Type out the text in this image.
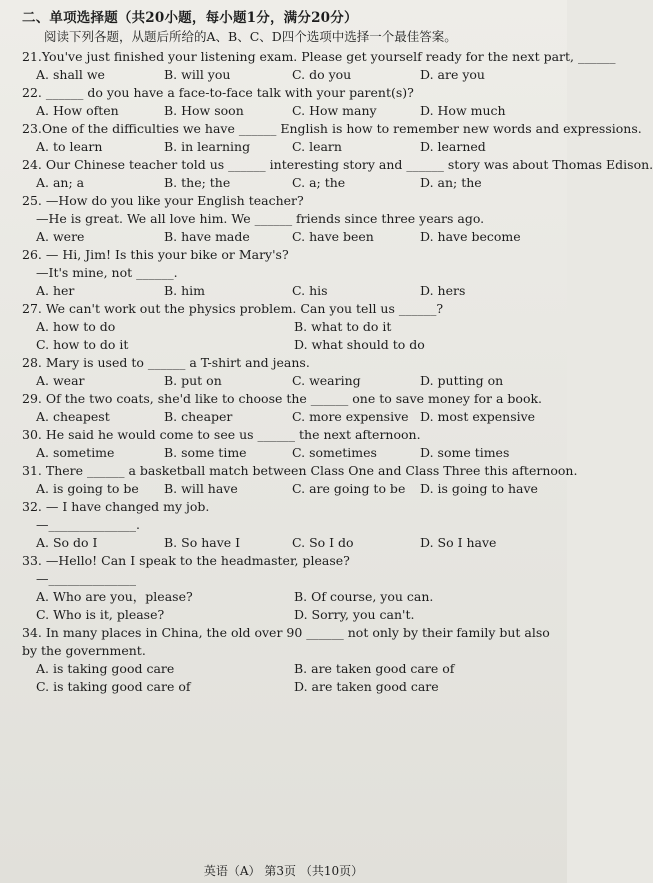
二、单项选择题（共20小题，每小题1分，满分20分）
阅读下列各题，从题后所给的A、B、C、D四个选项中选择一个最佳答案。
21.You've just finished your listening exam. Please get yourself ready for the next part, ______
A. shall we	B. will you	C. do you	D. are you
22. ______ do you have a face-to-face talk with your parent(s)?
A. How often	B. How soon	C. How many	D. How much
23.One of the difficulties we have ______ English is how to remember new words and expressions.
A. to learn	B. in learning	C. learn	D. learned
24. Our Chinese teacher told us ______ interesting story and ______ story was about Thomas Edison.
A. an; a	B. the; the	C. a; the	D. an; the
25. —How do you like your English teacher?
—He is great. We all love him. We ______ friends since three years ago.
A. were	B. have made	C. have been	D. have become
26. — Hi, Jim! Is this your bike or Mary's?
—It's mine, not ______.
A. her	B. him	C. his	D. hers
27. We can't work out the physics problem. Can you tell us ______?
A. how to do	B. what to do it
C. how to do it	D. what should to do
28. Mary is used to ______ a T-shirt and jeans.
A. wear	B. put on	C. wearing	D. putting on
29. Of the two coats, she'd like to choose the ______ one to save money for a book.
A. cheapest	B. cheaper	C. more expensive D. most expensive
30. He said he would come to see us ______ the next afternoon.
A. sometime	B. some time	C. sometimes	D. some times
31. There ______ a basketball match between Class One and Class Three this afternoon.
A. is going to be	B. will have	C. are going to be	D. is going to have
32. — I have changed my job.
—______________.
A. So do I	B. So have I	C. So I do	D. So I have
33. —Hello! Can I speak to the headmaster, please?
—______________
A. Who are you，please?	B. Of course, you can.
C. Who is it, please?	D. Sorry, you can't.
34. In many places in China, the old over 90 ______ not only by their family but also by the government.
A. is taking good care	B. are taken good care of
C. is taking good care of	D. are taken good care
英语（A） 第3页 （共10页）
